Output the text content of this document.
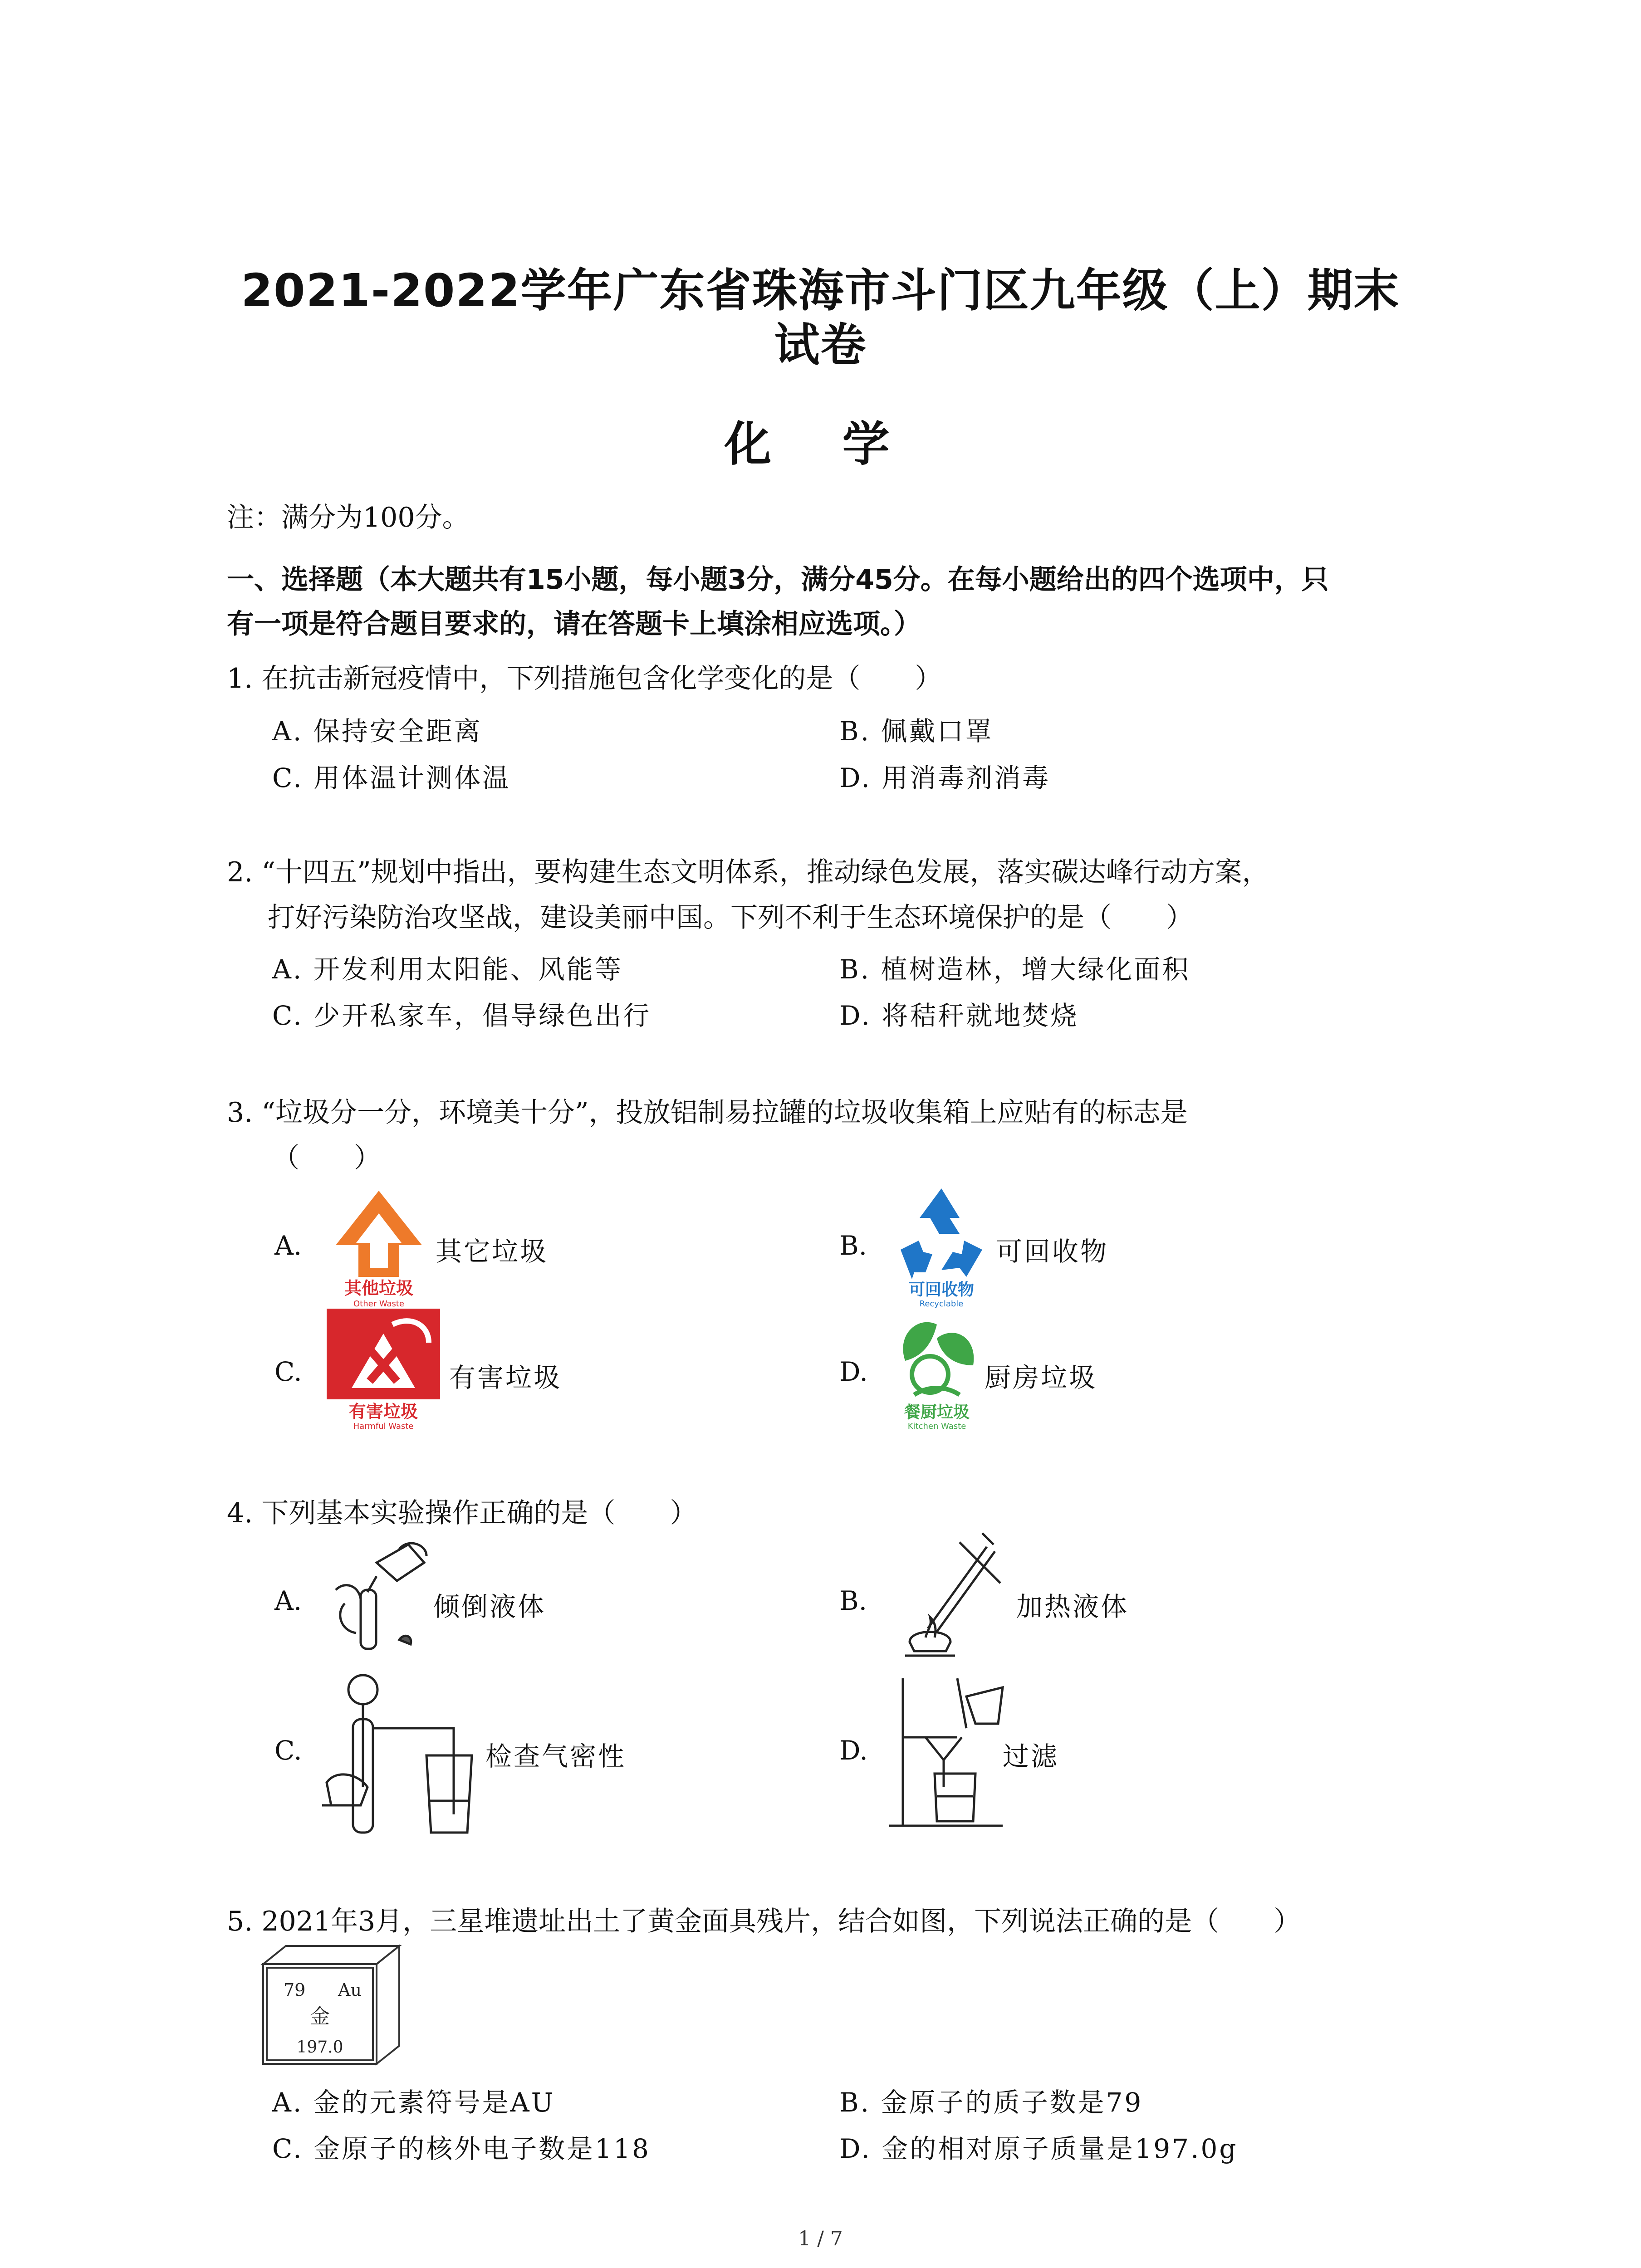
2021-2022学年广东省珠海市斗门区九年级（上）期末
试卷
化 学
注：满分为100分。
一、选择题（本大题共有15小题，每小题3分，满分45分。在每小题给出的四个选项中，只
有一项是符合题目要求的，请在答题卡上填涂相应选项。）
1. 在抗击新冠疫情中，下列措施包含化学变化的是（　　）
A. 保持安全距离	B. 佩戴口罩
C. 用体温计测体温	D. 用消毒剂消毒
2. “十四五”规划中指出，要构建生态文明体系，推动绿色发展，落实碳达峰行动方案，
打好污染防治攻坚战，建设美丽中国。下列不利于生态环境保护的是（　　）
A. 开发利用太阳能、风能等	B. 植树造林，增大绿化面积
C. 少开私家车，倡导绿色出行	D. 将秸秆就地焚烧
3. “垃圾分一分，环境美十分”，投放铝制易拉罐的垃圾收集箱上应贴有的标志是
（　　）
A.
其他垃圾
Other Waste
其它垃圾	B.
可回收物
Recyclable
可回收物
C.
有害垃圾
Harmful Waste
有害垃圾	D.
餐厨垃圾
Kitchen Waste
厨房垃圾
4. 下列基本实验操作正确的是（　　）
A.	倾倒液体	B.	加热液体
C.	检查气密性	D.	过滤
5. 2021年3月，三星堆遗址出土了黄金面具残片，结合如图，下列说法正确的是（　　）
79 Au
金
197.0
A. 金的元素符号是AU	B. 金原子的质子数是79
C. 金原子的核外电子数是118	D. 金的相对原子质量是197.0g
1 / 7
